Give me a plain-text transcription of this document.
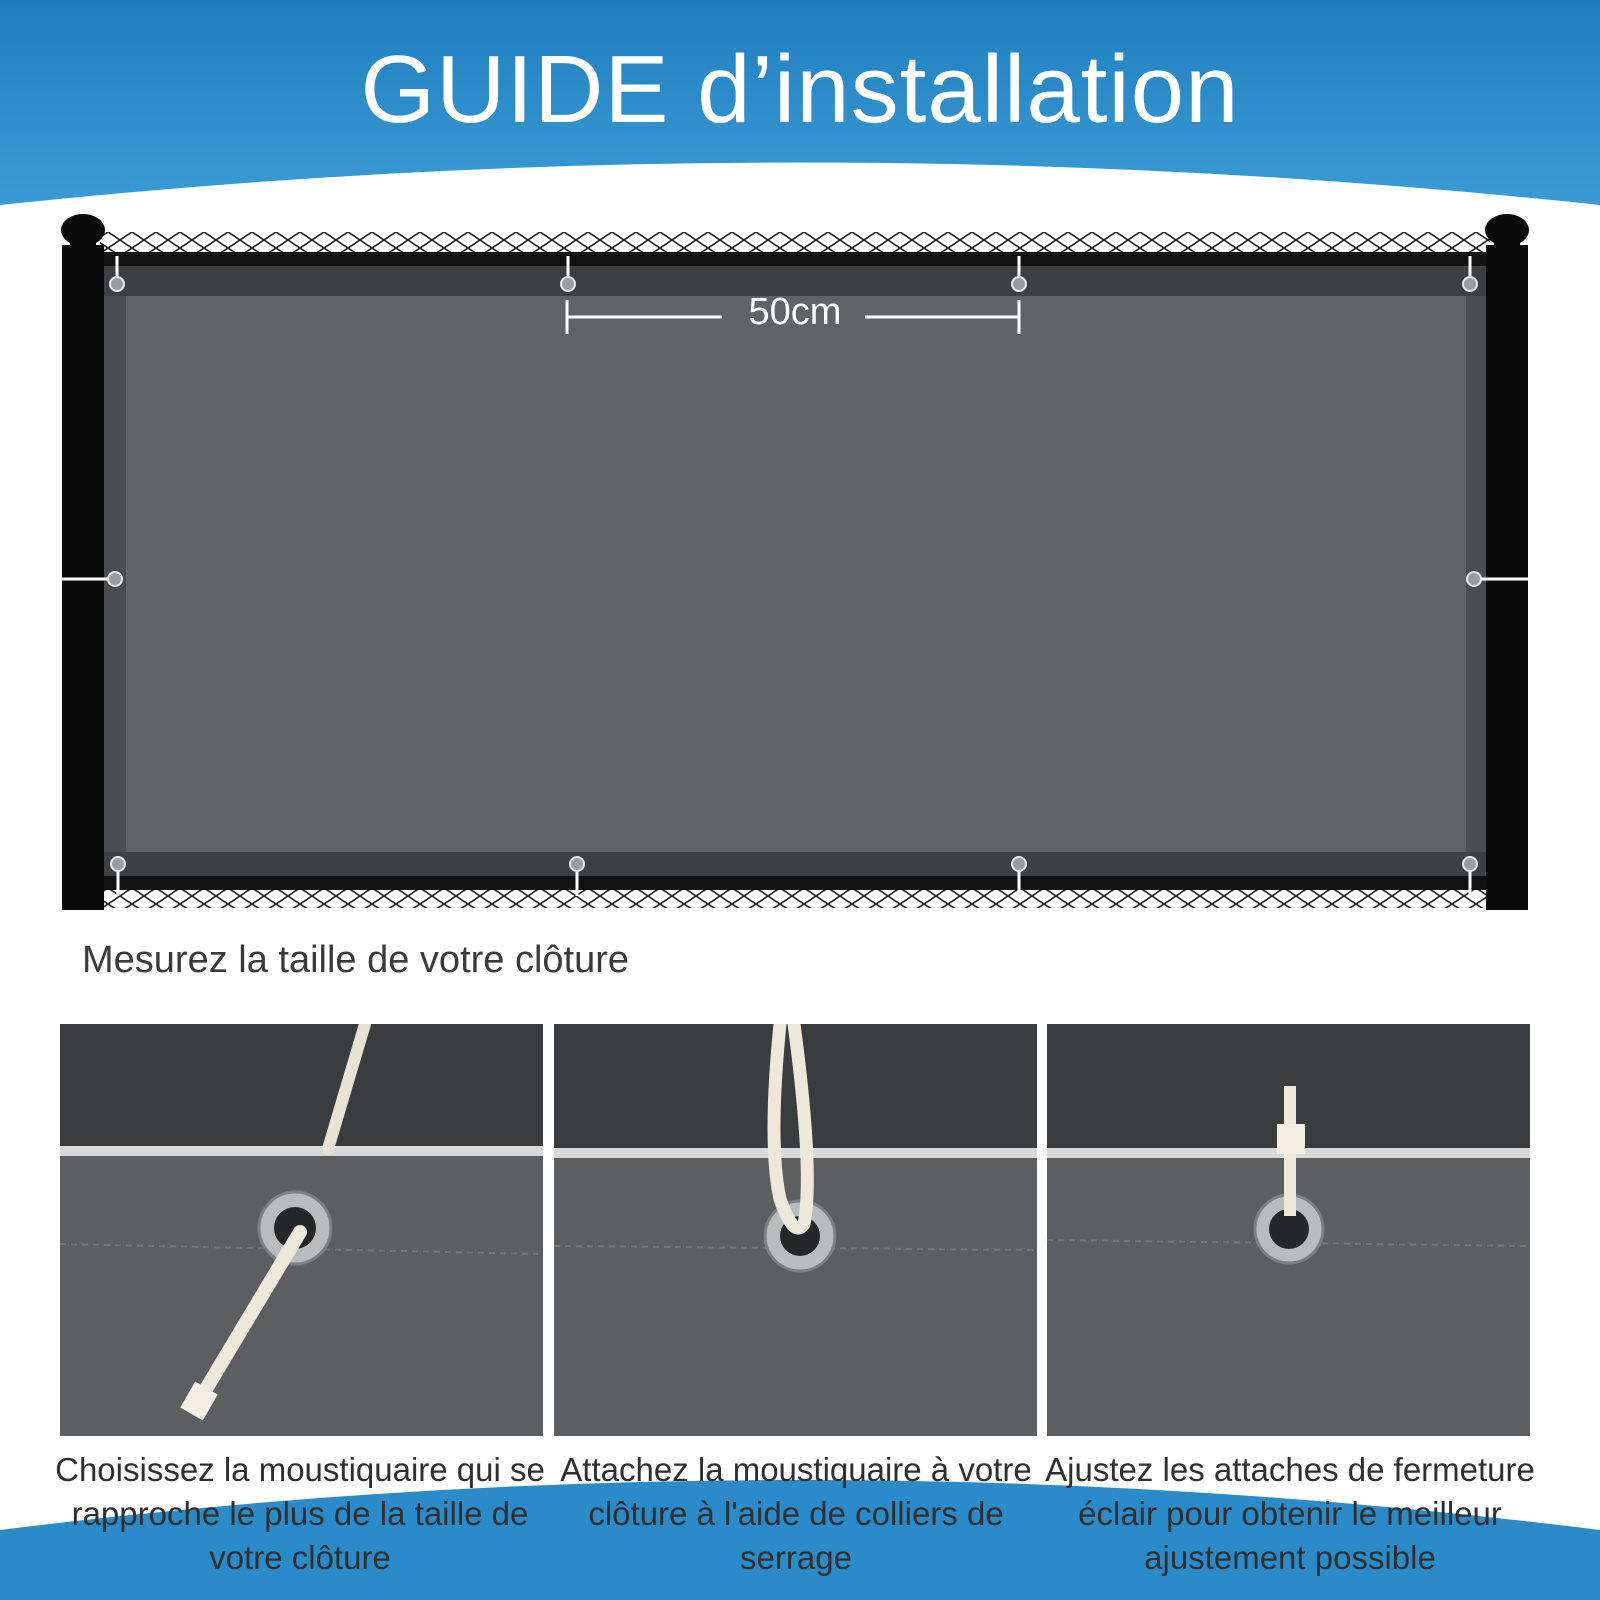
GUIDE d’installation
50cm
Mesurez la taille de votre clôture
Choisissez la moustiquaire qui se rapproche le plus de la taille de votre clôture
Attachez la moustiquaire à votre clôture à l'aide de colliers de serrage
Ajustez les attaches de fermeture éclair pour obtenir le meilleur ajustement possible
